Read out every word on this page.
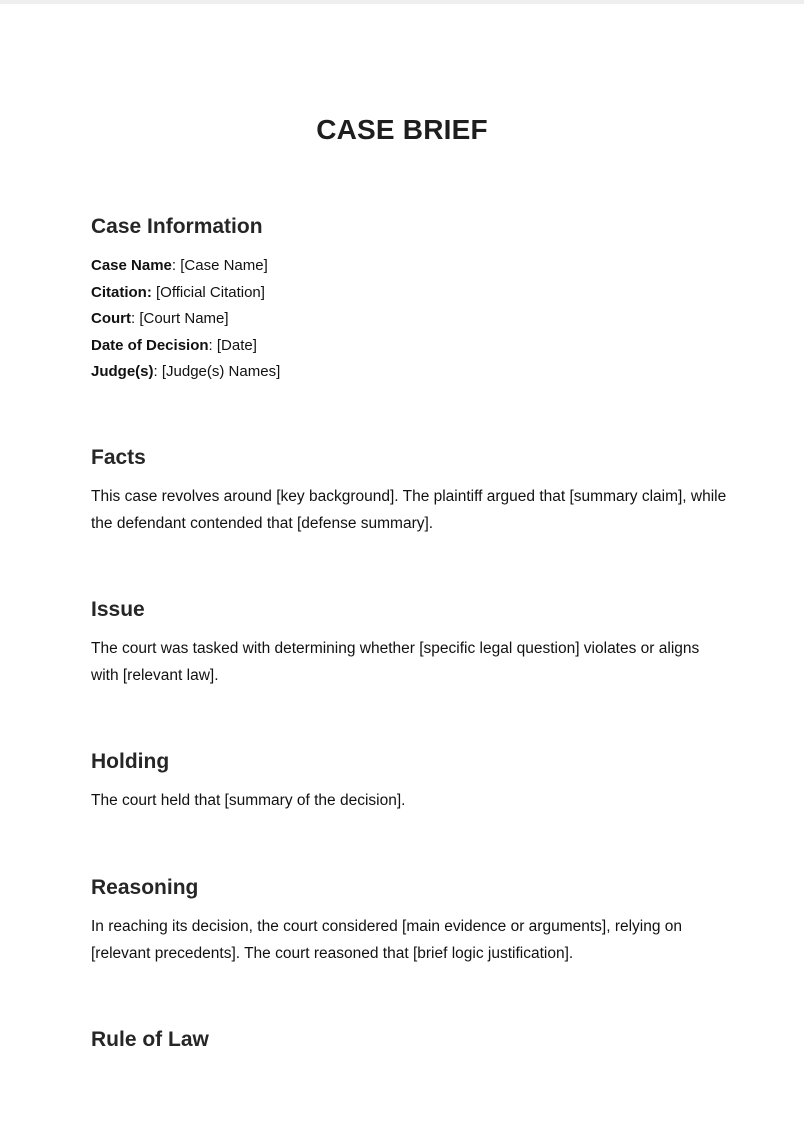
CASE BRIEF
Case Information
Case Name: [Case Name]
Citation: [Official Citation]
Court: [Court Name]
Date of Decision: [Date]
Judge(s): [Judge(s) Names]
Facts

This case revolves around [key background]. The plaintiff argued that [summary claim], while the defendant contended that [defense summary].

Issue

The court was tasked with determining whether [specific legal question] violates or aligns with [relevant law].

Holding

The court held that [summary of the decision].

Reasoning

In reaching its decision, the court considered [main evidence or arguments], relying on [relevant precedents]. The court reasoned that [brief logic justification].

Rule of Law
